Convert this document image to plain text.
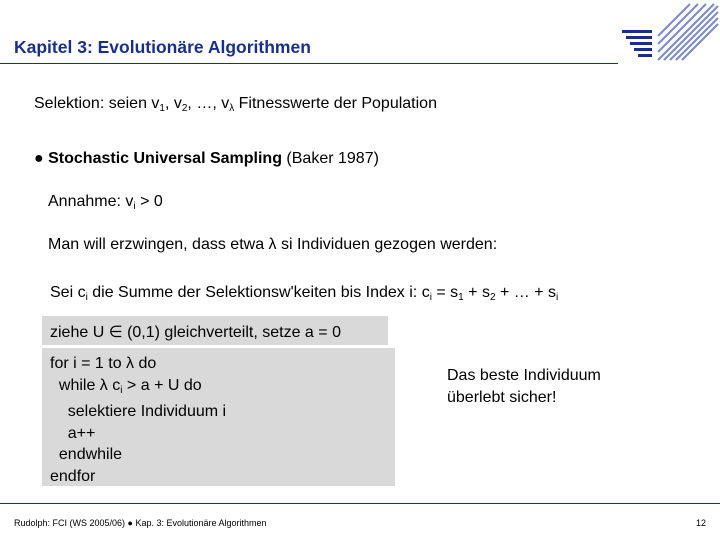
Kapitel 3: Evolutionäre Algorithmen
Selektion: seien $v_1$, $v_2$, …, $v_\lambda$ Fitnesswerte der Population
● Stochastic Universal Sampling (Baker 1987)
Annahme: $v_i > 0$
Man will erzwingen, dass etwa λ si Individuen gezogen werden:
Sei $c_i$ die Summe der Selektionsw'keiten bis Index i: $c_i = s_1 + s_2$ + … + $s_i$
ziehe U ∈ (0,1) gleichverteilt, setze a = 0
for i = 1 to λ do
while λ $c_i > a + U$ do
selektiere Individuum i
a++
endwhile
endfor
Das beste Individuum
überlebt sicher!
Rudolph: FCI (WS 2005/06) ● Kap. 3: Evolutionäre Algorithmen	12
